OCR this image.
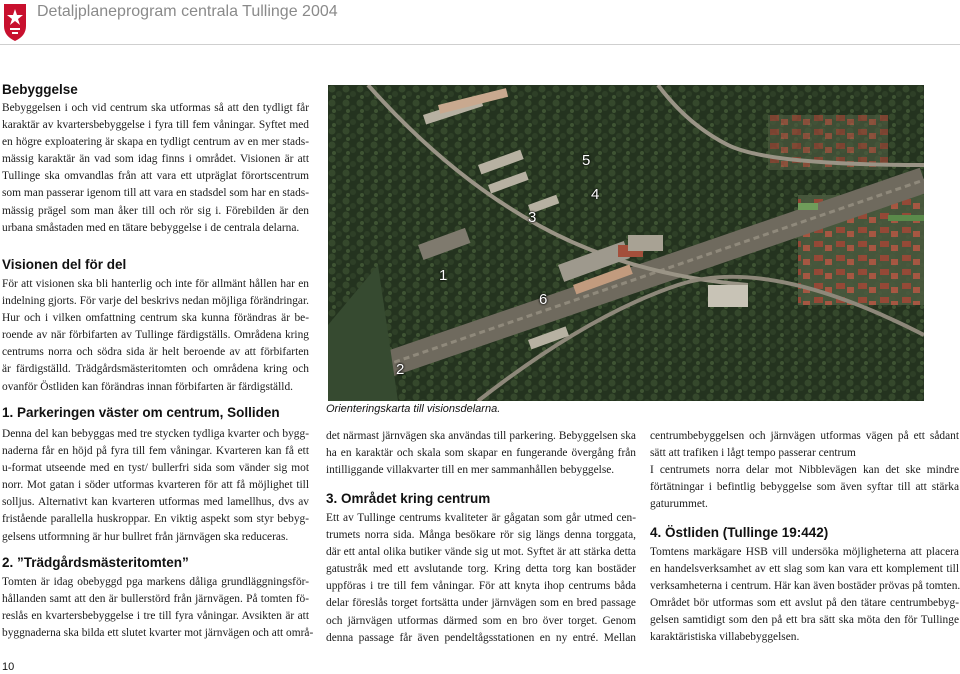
Detaljplaneprogram centrala Tullinge 2004
Bebyggelse
Bebyggelsen i och vid centrum ska utformas så att den tydligt får
karaktär av kvartersbebyggelse i fyra till fem våningar. Syftet med
en högre exploatering är skapa en tydligt centrum av en mer stads-
mässig karaktär än vad som idag finns i området. Visionen är att
Tullinge ska omvandlas från att vara ett utpräglat förortscentrum
som man passerar igenom till att vara en stadsdel som har en stads-
mässig prägel som man åker till och rör sig i. Förebilden är den
urbana småstaden med en tätare bebyggelse i de centrala delarna.
Visionen del för del
För att visionen ska bli hanterlig och inte för allmänt hållen har en
indelning gjorts. För varje del beskrivs nedan möjliga förändringar.
Hur och i vilken omfattning centrum ska kunna förändras är be-
roende av när förbifarten av Tullinge färdigställs. Områdena kring
centrums norra och södra sida är helt beroende av att förbifarten
är färdigställd. Trädgårdsmästeritomten och områdena kring och
ovanför Östliden kan förändras innan förbifarten är färdigställd.
1. Parkeringen väster om centrum, Solliden
Denna del kan bebyggas med tre stycken tydliga kvarter och bygg-
naderna får en höjd på fyra till fem våningar. Kvarteren kan få ett
u-format utseende med en tyst/ bullerfri sida som vänder sig mot
norr. Mot gatan i söder utformas kvarteren för att få möjlighet till
solljus. Alternativt kan kvarteren utformas med lamellhus, dvs av
fristående parallella huskroppar. En viktig aspekt som styr bebyg-
gelsens utformning är hur bullret från järnvägen ska reduceras.
2. ”Trädgårdsmästeritomten”
Tomten är idag obebyggd pga markens dåliga grundläggningsför-
hållanden samt att den är bullerstörd från järnvägen. På tomten fö-
reslås en kvartersbebyggelse i tre till fyra våningar. Avsikten är att
byggnaderna ska bilda ett slutet kvarter mot järnvägen och att områ-
1
2
3
4
5
6
Orienteringskarta till visionsdelarna.
det närmast järnvägen ska användas till parkering. Bebyggelsen ska
ha en karaktär och skala som skapar en fungerande övergång från
intilliggande villakvarter till en mer sammanhållen bebyggelse.
3. Området kring centrum
Ett av Tullinge centrums kvaliteter är gågatan som går utmed cen-
trumets norra sida. Många besökare rör sig längs denna torggata,
där ett antal olika butiker vände sig ut mot. Syftet är att stärka detta
gatustråk med ett avslutande torg. Kring detta torg kan bostäder
uppföras i tre till fem våningar. För att knyta ihop centrums båda
delar föreslås torget fortsätta under järnvägen som en bred passage
och järnvägen utformas därmed som en bro över torget. Genom
denna passage får även pendeltågsstationen en ny entré. Mellan
centrumbebyggelsen och järnvägen utformas vägen på ett sådant
sätt att trafiken i lågt tempo passerar centrum
I centrumets norra delar mot Nibblevägen kan det ske mindre
förtätningar i befintlig bebyggelse som även syftar till att stärka
gaturummet.
4. Östliden (Tullinge 19:442)
Tomtens markägare HSB vill undersöka möjligheterna att placera
en handelsverksamhet av ett slag som kan vara ett komplement till
verksamheterna i centrum. Här kan även bostäder prövas på tomten.
Området bör utformas som ett avslut på den tätare centrumbebyg-
gelsen samtidigt som den på ett bra sätt ska möta den för Tullinge
karaktäristiska villabebyggelsen.
10
